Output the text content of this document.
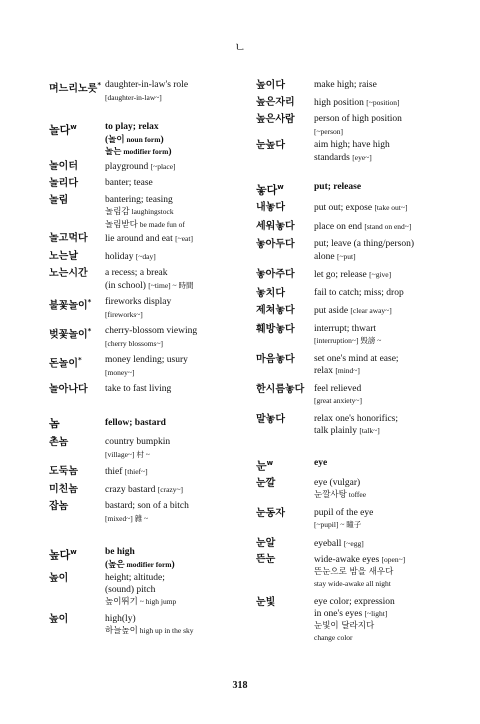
ㄴ
며느리노릇* daughter-in-law's role
[daughter-in-law~]
놀다$^w$	to play; relax
(놀이 noun form)
놀는 modifier form)
놀이터	playground [~place]
놀리다	banter; tease
놀림	bantering; teasing
놀림감 laughingstock
놀림받다 be made fun of
놀고먹다	lie around and eat [~eat]
노는날	holiday [~day]
노는시간	a recess; a break
(in school) [~time] ~ 時間
불꽃놀이*	fireworks display
[fireworks~]
벚꽃놀이*	cherry-blossom viewing
[cherry blossoms~]
돈놀이*	money lending; usury
[money~]
놀아나다	take to fast living
놈	fellow; bastard
촌놈	country bumpkin
[village~] 村 ~
도둑놈	thief [thief~]
미친놈	crazy bastard [crazy~]
잡놈	bastard; son of a bitch
[mixed~] 雜 ~
높다$^w$	be high
(높은 modifier form)
높이	height; altitude;
(sound) pitch
높이뛰기 ~ high jump
높이	high(ly)
하늘높이 high up in the sky
높이다	make high; raise
높은자리	high position [~position]
높은사람	person of high position
[~person]
눈높다	aim high; have high
standards [eye~]
놓다$^w$	put; release
내놓다	put out; expose [take out~]
세워놓다	place on end [stand on end~]
놓아두다	put; leave (a thing/person)
alone [~put]
놓아주다	let go; release [~give]
놓치다	fail to catch; miss; drop
제쳐놓다	put aside [clear away~]
훼방놓다	interrupt; thwart
[interruption~] 毁謗 ~
마음놓다	set one's mind at ease;
relax [mind~]
한시름놓다	feel relieved
[great anxiety~]
말놓다	relax one's honorifics;
talk plainly [talk~]
눈$^w$	eye
눈깔	eye (vulgar)
눈깔사탕 toffee
눈동자	pupil of the eye
[~pupil] ~ 瞳子
눈알	eyeball [~egg]
뜬눈	wide-awake eyes [open~]
뜬눈으로 밤을 새우다
stay wide-awake all night
눈빛	eye color; expression
in one's eyes [~light]
눈빛이 달라지다
change color
318
